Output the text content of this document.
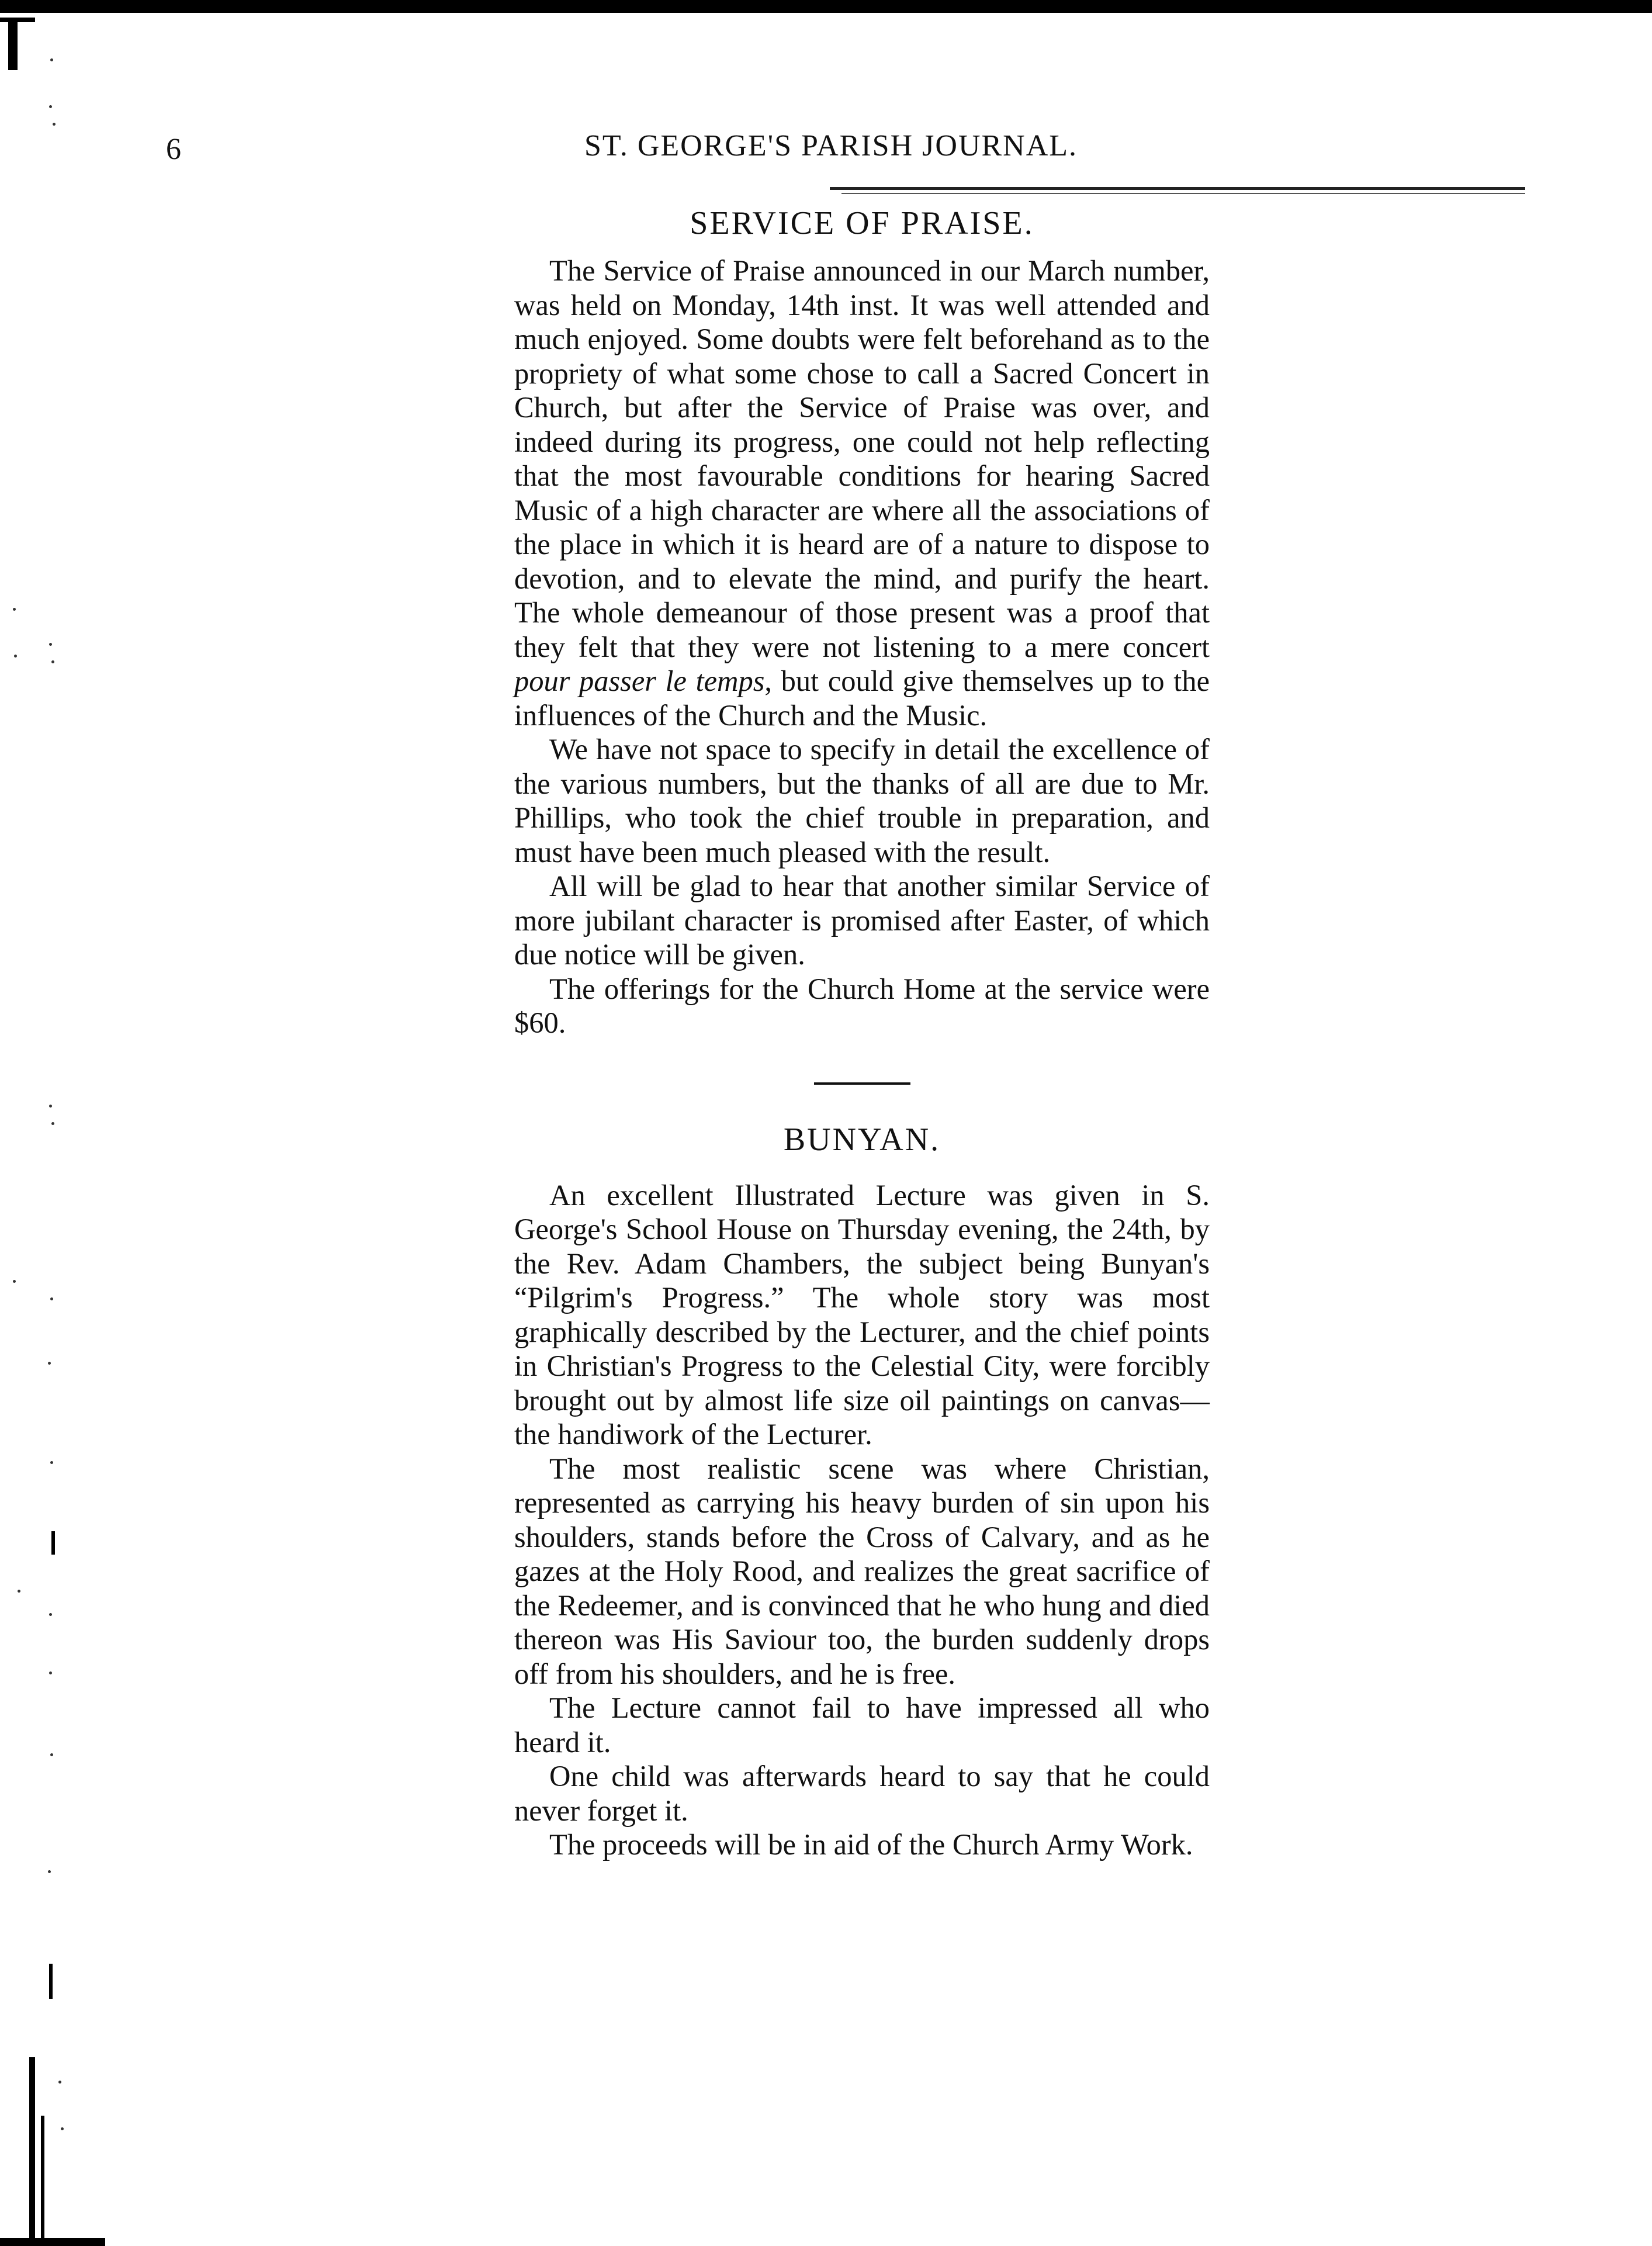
6	ST. GEORGE'S PARISH JOURNAL.
SERVICE OF PRAISE.

The Service of Praise announced in our March number, was held on Monday, 14th inst. It was well attended and much enjoyed. Some doubts were felt beforehand as to the propriety of what some chose to call a Sacred Concert in Church, but after the Service of Praise was over, and indeed during its progress, one could not help reflecting that the most favourable conditions for hearing Sacred Music of a high character are where all the associations of the place in which it is heard are of a nature to dispose to devotion, and to elevate the mind, and purify the heart. The whole demeanour of those present was a proof that they felt that they were not listening to a mere concert pour passer le temps, but could give themselves up to the influences of the Church and the Music.

We have not space to specify in detail the excellence of the various numbers, but the thanks of all are due to Mr. Phillips, who took the chief trouble in preparation, and must have been much pleased with the result.

All will be glad to hear that another similar Service of more jubilant character is promised after Easter, of which due notice will be given.

The offerings for the Church Home at the service were $60.

BUNYAN.

An excellent Illustrated Lecture was given in S. George's School House on Thursday evening, the 24th, by the Rev. Adam Chambers, the subject being Bunyan's “Pilgrim's Progress.” The whole story was most graphically described by the Lecturer, and the chief points in Christian's Progress to the Celestial City, were forcibly brought out by almost life size oil paintings on canvas—the handiwork of the Lecturer.

The most realistic scene was where Christian, represented as carrying his heavy burden of sin upon his shoulders, stands before the Cross of Calvary, and as he gazes at the Holy Rood, and realizes the great sacrifice of the Redeemer, and is convinced that he who hung and died thereon was His Saviour too, the burden suddenly drops off from his shoulders, and he is free.

The Lecture cannot fail to have impressed all who heard it.

One child was afterwards heard to say that he could never forget it.

The proceeds will be in aid of the Church Army Work.
